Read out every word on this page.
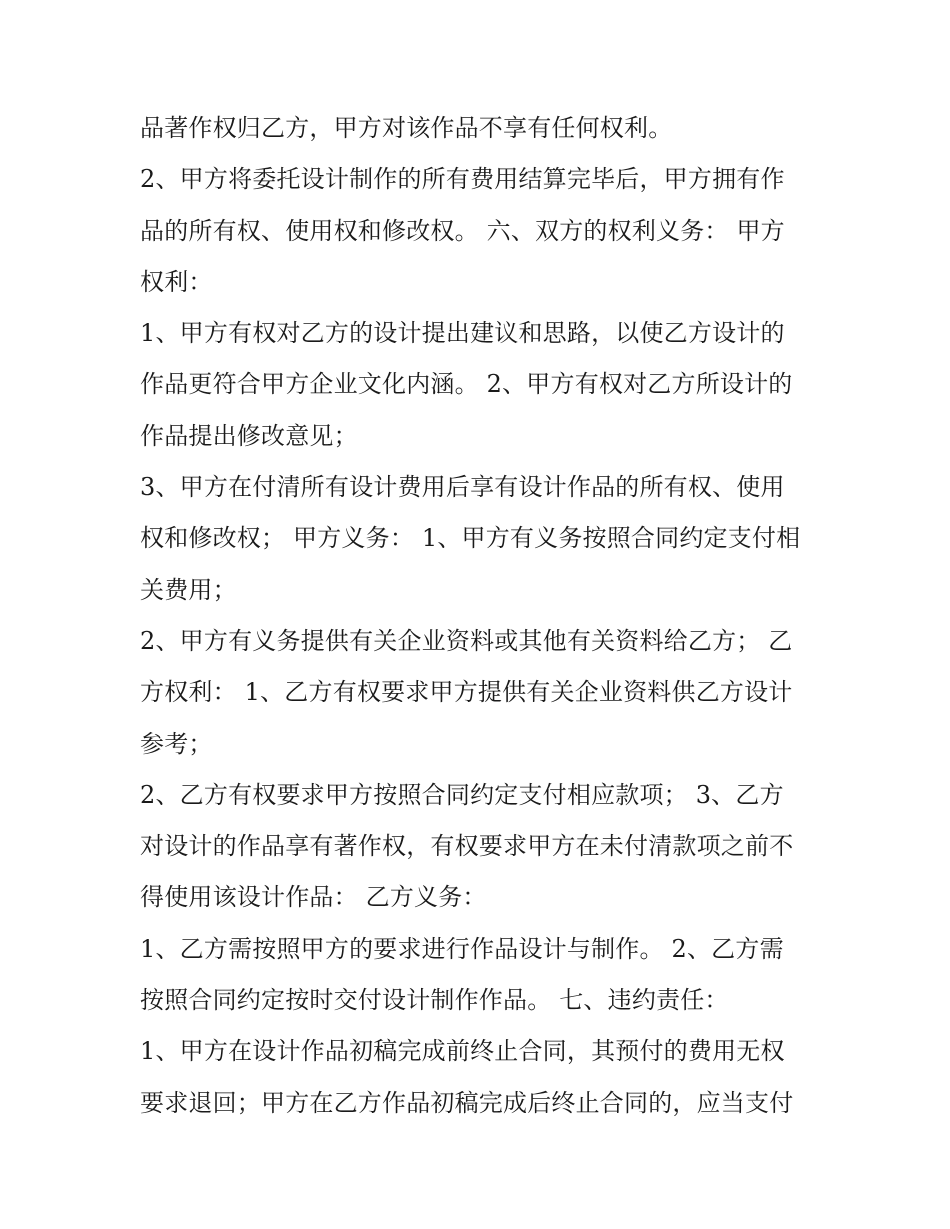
品著作权归乙方，甲方对该作品不享有任何权利。
2、甲方将委托设计制作的所有费用结算完毕后，甲方拥有作
品的所有权、使用权和修改权。 六、双方的权利义务： 甲方
权利：
1、甲方有权对乙方的设计提出建议和思路，以使乙方设计的
作品更符合甲方企业文化内涵。 2、甲方有权对乙方所设计的
作品提出修改意见；
3、甲方在付清所有设计费用后享有设计作品的所有权、使用
权和修改权； 甲方义务： 1、甲方有义务按照合同约定支付相
关费用；
2、甲方有义务提供有关企业资料或其他有关资料给乙方； 乙
方权利： 1、乙方有权要求甲方提供有关企业资料供乙方设计
参考；
2、乙方有权要求甲方按照合同约定支付相应款项； 3、乙方
对设计的作品享有著作权，有权要求甲方在未付清款项之前不
得使用该设计作品： 乙方义务：
1、乙方需按照甲方的要求进行作品设计与制作。 2、乙方需
按照合同约定按时交付设计制作作品。 七、违约责任：
1、甲方在设计作品初稿完成前终止合同，其预付的费用无权
要求退回；甲方在乙方作品初稿完成后终止合同的，应当支付
